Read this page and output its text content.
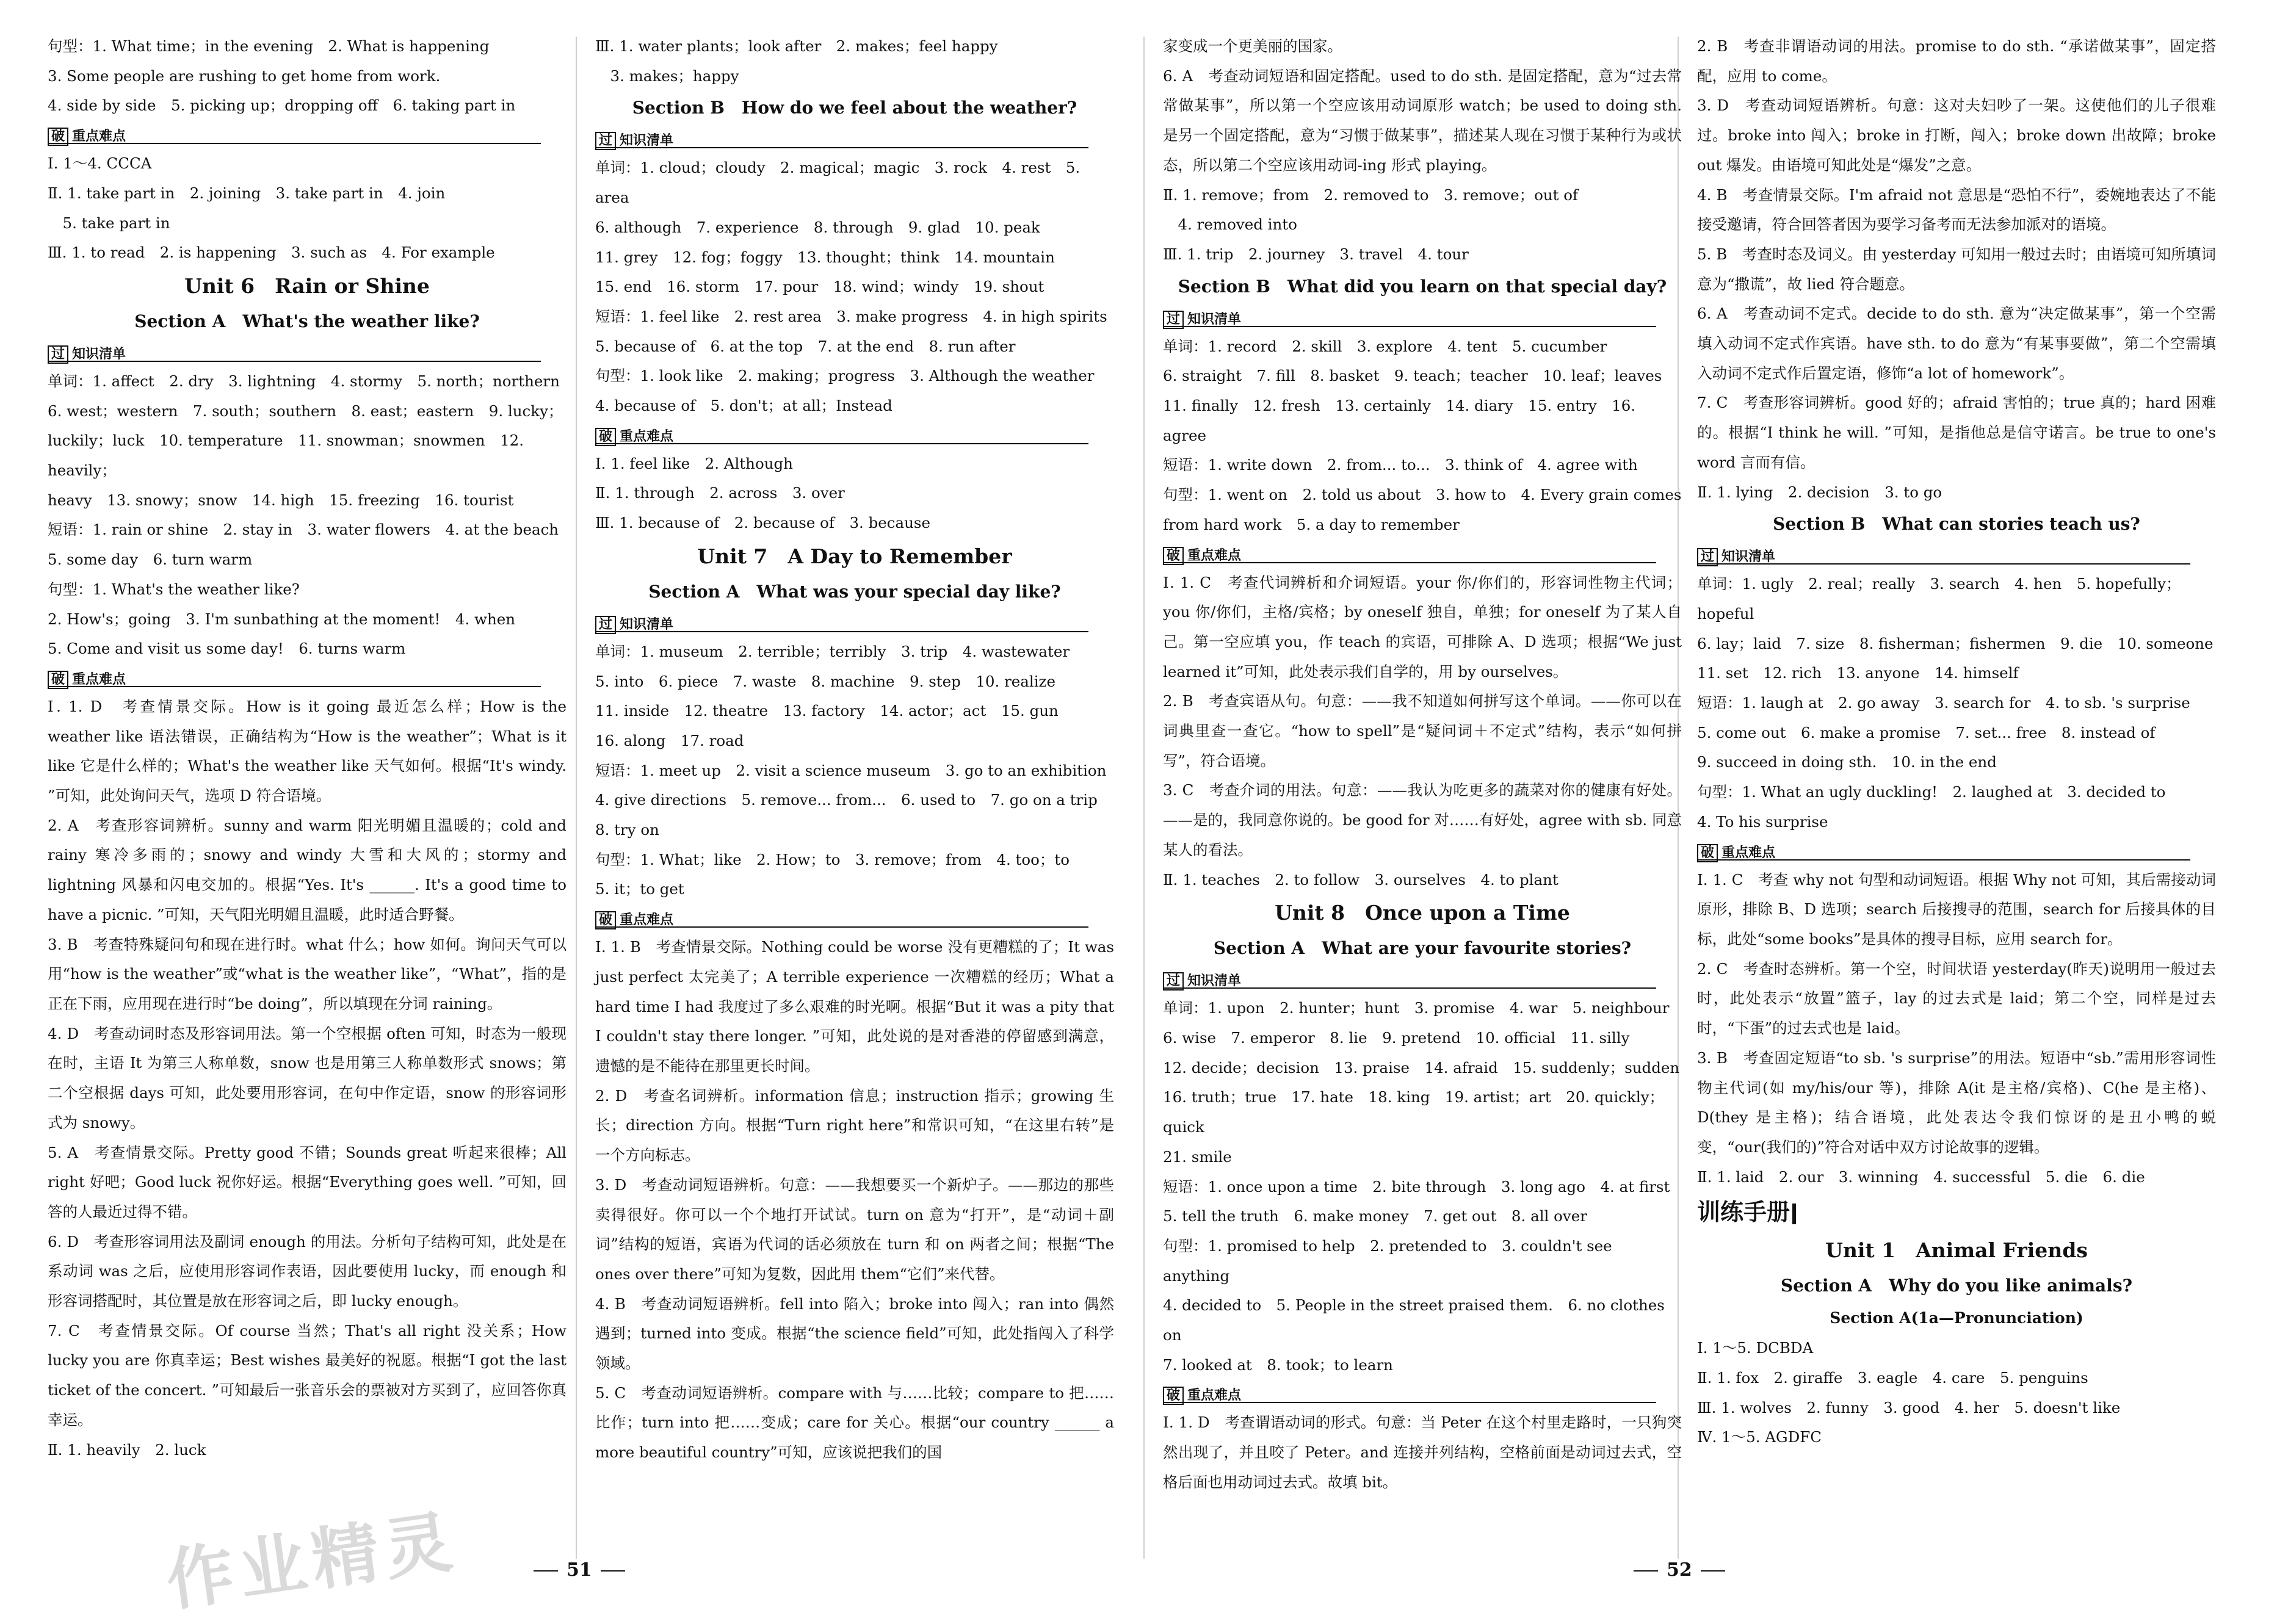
句型：1. What time；in the evening　2. What is happening

3. Some people are rushing to get home from work.

4. side by side　5. picking up；dropping off　6. taking part in

破 重点难点

Ⅰ. 1～4. CCCA

Ⅱ. 1. take part in　2. joining　3. take part in　4. join

　5. take part in

Ⅲ. 1. to read　2. is happening　3. such as　4. For example

Unit 6　Rain or Shine
Section A　What's the weather like?
过 知识清单

单词：1. affect　2. dry　3. lightning　4. stormy　5. north；northern

6. west；western　7. south；southern　8. east；eastern　9. lucky；

luckily；luck　10. temperature　11. snowman；snowmen　12. heavily；

heavy　13. snowy；snow　14. high　15. freezing　16. tourist

短语：1. rain or shine　2. stay in　3. water flowers　4. at the beach

5. some day　6. turn warm

句型：1. What's the weather like?

2. How's；going　3. I'm sunbathing at the moment!　4. when

5. Come and visit us some day!　6. turns warm

破 重点难点

Ⅰ. 1. D　考查情景交际。How is it going 最近怎么样；How is the weather like 语法错误，正确结构为“How is the weather”；What is it like 它是什么样的；What's the weather like 天气如何。根据“It's windy. ”可知，此处询问天气，选项 D 符合语境。

2. A　考查形容词辨析。sunny and warm 阳光明媚且温暖的；cold and rainy 寒冷多雨的；snowy and windy 大雪和大风的；stormy and lightning 风暴和闪电交加的。根据“Yes. It's ______. It's a good time to have a picnic. ”可知，天气阳光明媚且温暖，此时适合野餐。

3. B　考查特殊疑问句和现在进行时。what 什么；how 如何。询问天气可以用“how is the weather”或“what is the weather like”，“What”，指的是正在下雨，应用现在进行时“be doing”，所以填现在分词 raining。

4. D　考查动词时态及形容词用法。第一个空根据 often 可知，时态为一般现在时，主语 It 为第三人称单数，snow 也是用第三人称单数形式 snows；第二个空根据 days 可知，此处要用形容词，在句中作定语，snow 的形容词形式为 snowy。

5. A　考查情景交际。Pretty good 不错；Sounds great 听起来很棒；All right 好吧；Good luck 祝你好运。根据“Everything goes well. ”可知，回答的人最近过得不错。

6. D　考查形容词用法及副词 enough 的用法。分析句子结构可知，此处是在系动词 was 之后，应使用形容词作表语，因此要使用 lucky，而 enough 和形容词搭配时，其位置是放在形容词之后，即 lucky enough。

7. C　考查情景交际。Of course 当然；That's all right 没关系；How lucky you are 你真幸运；Best wishes 最美好的祝愿。根据“I got the last ticket of the concert. ”可知最后一张音乐会的票被对方买到了，应回答你真幸运。

Ⅱ. 1. heavily　2. luck

Ⅲ. 1. water plants；look after　2. makes；feel happy

　3. makes；happy

Section B　How do we feel about the weather?
过 知识清单

单词：1. cloud；cloudy　2. magical；magic　3. rock　4. rest　5. area

6. although　7. experience　8. through　9. glad　10. peak

11. grey　12. fog；foggy　13. thought；think　14. mountain

15. end　16. storm　17. pour　18. wind；windy　19. shout

短语：1. feel like　2. rest area　3. make progress　4. in high spirits

5. because of　6. at the top　7. at the end　8. run after

句型：1. look like　2. making；progress　3. Although the weather

4. because of　5. don't；at all；Instead

破 重点难点

Ⅰ. 1. feel like　2. Although

Ⅱ. 1. through　2. across　3. over

Ⅲ. 1. because of　2. because of　3. because

Unit 7　A Day to Remember
Section A　What was your special day like?
过 知识清单

单词：1. museum　2. terrible；terribly　3. trip　4. wastewater

5. into　6. piece　7. waste　8. machine　9. step　10. realize

11. inside　12. theatre　13. factory　14. actor；act　15. gun

16. along　17. road

短语：1. meet up　2. visit a science museum　3. go to an exhibition

4. give directions　5. remove... from...　6. used to　7. go on a trip

8. try on

句型：1. What；like　2. How；to　3. remove；from　4. too；to

5. it；to get

破 重点难点

Ⅰ. 1. B　考查情景交际。Nothing could be worse 没有更糟糕的了；It was just perfect 太完美了；A terrible experience 一次糟糕的经历；What a hard time I had 我度过了多么艰难的时光啊。根据“But it was a pity that I couldn't stay there longer. ”可知，此处说的是对香港的停留感到满意，遗憾的是不能待在那里更长时间。

2. D　考查名词辨析。information 信息；instruction 指示；growing 生长；direction 方向。根据“Turn right here”和常识可知，“在这里右转”是一个方向标志。

3. D　考查动词短语辨析。句意：——我想要买一个新炉子。——那边的那些卖得很好。你可以一个个地打开试试。turn on 意为“打开”，是“动词＋副词”结构的短语，宾语为代词的话必须放在 turn 和 on 两者之间；根据“The ones over there”可知为复数，因此用 them“它们”来代替。

4. B　考查动词短语辨析。fell into 陷入；broke into 闯入；ran into 偶然遇到；turned into 变成。根据“the science field”可知，此处指闯入了科学领域。

5. C　考查动词短语辨析。compare with 与……比较；compare to 把……比作；turn into 把……变成；care for 关心。根据“our country ______ a more beautiful country”可知，应该说把我们的国

家变成一个更美丽的国家。

6. A　考查动词短语和固定搭配。used to do sth. 是固定搭配，意为“过去常常做某事”，所以第一个空应该用动词原形 watch；be used to doing sth. 是另一个固定搭配，意为“习惯于做某事”，描述某人现在习惯于某种行为或状态，所以第二个空应该用动词-ing 形式 playing。

Ⅱ. 1. remove；from　2. removed to　3. remove；out of

　4. removed into

Ⅲ. 1. trip　2. journey　3. travel　4. tour

Section B　What did you learn on that special day?
过 知识清单

单词：1. record　2. skill　3. explore　4. tent　5. cucumber

6. straight　7. fill　8. basket　9. teach；teacher　10. leaf；leaves

11. finally　12. fresh　13. certainly　14. diary　15. entry　16. agree

短语：1. write down　2. from... to...　3. think of　4. agree with

句型：1. went on　2. told us about　3. how to　4. Every grain comes

from hard work　5. a day to remember

破 重点难点

Ⅰ. 1. C　考查代词辨析和介词短语。your 你/你们的，形容词性物主代词；you 你/你们，主格/宾格；by oneself 独自，单独；for oneself 为了某人自己。第一空应填 you，作 teach 的宾语，可排除 A、D 选项；根据“We just learned it”可知，此处表示我们自学的，用 by ourselves。

2. B　考查宾语从句。句意：——我不知道如何拼写这个单词。——你可以在词典里查一查它。“how to spell”是“疑问词＋不定式”结构，表示“如何拼写”，符合语境。

3. C　考查介词的用法。句意：——我认为吃更多的蔬菜对你的健康有好处。——是的，我同意你说的。be good for 对……有好处，agree with sb. 同意某人的看法。

Ⅱ. 1. teaches　2. to follow　3. ourselves　4. to plant

Unit 8　Once upon a Time
Section A　What are your favourite stories?
过 知识清单

单词：1. upon　2. hunter；hunt　3. promise　4. war　5. neighbour

6. wise　7. emperor　8. lie　9. pretend　10. official　11. silly

12. decide；decision　13. praise　14. afraid　15. suddenly；sudden

16. truth；true　17. hate　18. king　19. artist；art　20. quickly；quick

21. smile

短语：1. once upon a time　2. bite through　3. long ago　4. at first

5. tell the truth　6. make money　7. get out　8. all over

句型：1. promised to help　2. pretended to　3. couldn't see anything

4. decided to　5. People in the street praised them.　6. no clothes on

7. looked at　8. took；to learn

破 重点难点

Ⅰ. 1. D　考查谓语动词的形式。句意：当 Peter 在这个村里走路时，一只狗突然出现了，并且咬了 Peter。and 连接并列结构，空格前面是动词过去式，空格后面也用动词过去式。故填 bit。

2. B　考查非谓语动词的用法。promise to do sth. “承诺做某事”，固定搭配，应用 to come。

3. D　考查动词短语辨析。句意：这对夫妇吵了一架。这使他们的儿子很难过。broke into 闯入；broke in 打断，闯入；broke down 出故障；broke out 爆发。由语境可知此处是“爆发”之意。

4. B　考查情景交际。I'm afraid not 意思是“恐怕不行”，委婉地表达了不能接受邀请，符合回答者因为要学习备考而无法参加派对的语境。

5. B　考查时态及词义。由 yesterday 可知用一般过去时；由语境可知所填词意为“撒谎”，故 lied 符合题意。

6. A　考查动词不定式。decide to do sth. 意为“决定做某事”，第一个空需填入动词不定式作宾语。have sth. to do 意为“有某事要做”，第二个空需填入动词不定式作后置定语，修饰“a lot of homework”。

7. C　考查形容词辨析。good 好的；afraid 害怕的；true 真的；hard 困难的。根据“I think he will. ”可知，是指他总是信守诺言。be true to one's word 言而有信。

Ⅱ. 1. lying　2. decision　3. to go

Section B　What can stories teach us?
过 知识清单

单词：1. ugly　2. real；really　3. search　4. hen　5. hopefully；hopeful

6. lay；laid　7. size　8. fisherman；fishermen　9. die　10. someone

11. set　12. rich　13. anyone　14. himself

短语：1. laugh at　2. go away　3. search for　4. to sb. 's surprise

5. come out　6. make a promise　7. set... free　8. instead of

9. succeed in doing sth.　10. in the end

句型：1. What an ugly duckling!　2. laughed at　3. decided to

4. To his surprise

破 重点难点

Ⅰ. 1. C　考查 why not 句型和动词短语。根据 Why not 可知，其后需接动词原形，排除 B、D 选项；search 后接搜寻的范围，search for 后接具体的目标，此处“some books”是具体的搜寻目标，应用 search for。

2. C　考查时态辨析。第一个空，时间状语 yesterday(昨天)说明用一般过去时，此处表示“放置”篮子，lay 的过去式是 laid；第二个空，同样是过去时，“下蛋”的过去式也是 laid。

3. B　考查固定短语“to sb. 's surprise”的用法。短语中“sb.”需用形容词性物主代词(如 my/his/our 等)，排除 A(it 是主格/宾格)、C(he 是主格)、D(they 是主格)；结合语境，此处表达令我们惊讶的是丑小鸭的蜕变，“our(我们的)”符合对话中双方讨论故事的逻辑。

Ⅱ. 1. laid　2. our　3. winning　4. successful　5. die　6. die

训练手册
Unit 1　Animal Friends
Section A　Why do you like animals?
Section A(1a—Pronunciation)

Ⅰ. 1～5. DCBDA

Ⅱ. 1. fox　2. giraffe　3. eagle　4. care　5. penguins

Ⅲ. 1. wolves　2. funny　3. good　4. her　5. doesn't like

Ⅳ. 1～5. AGDFC

作业精灵	51	52
